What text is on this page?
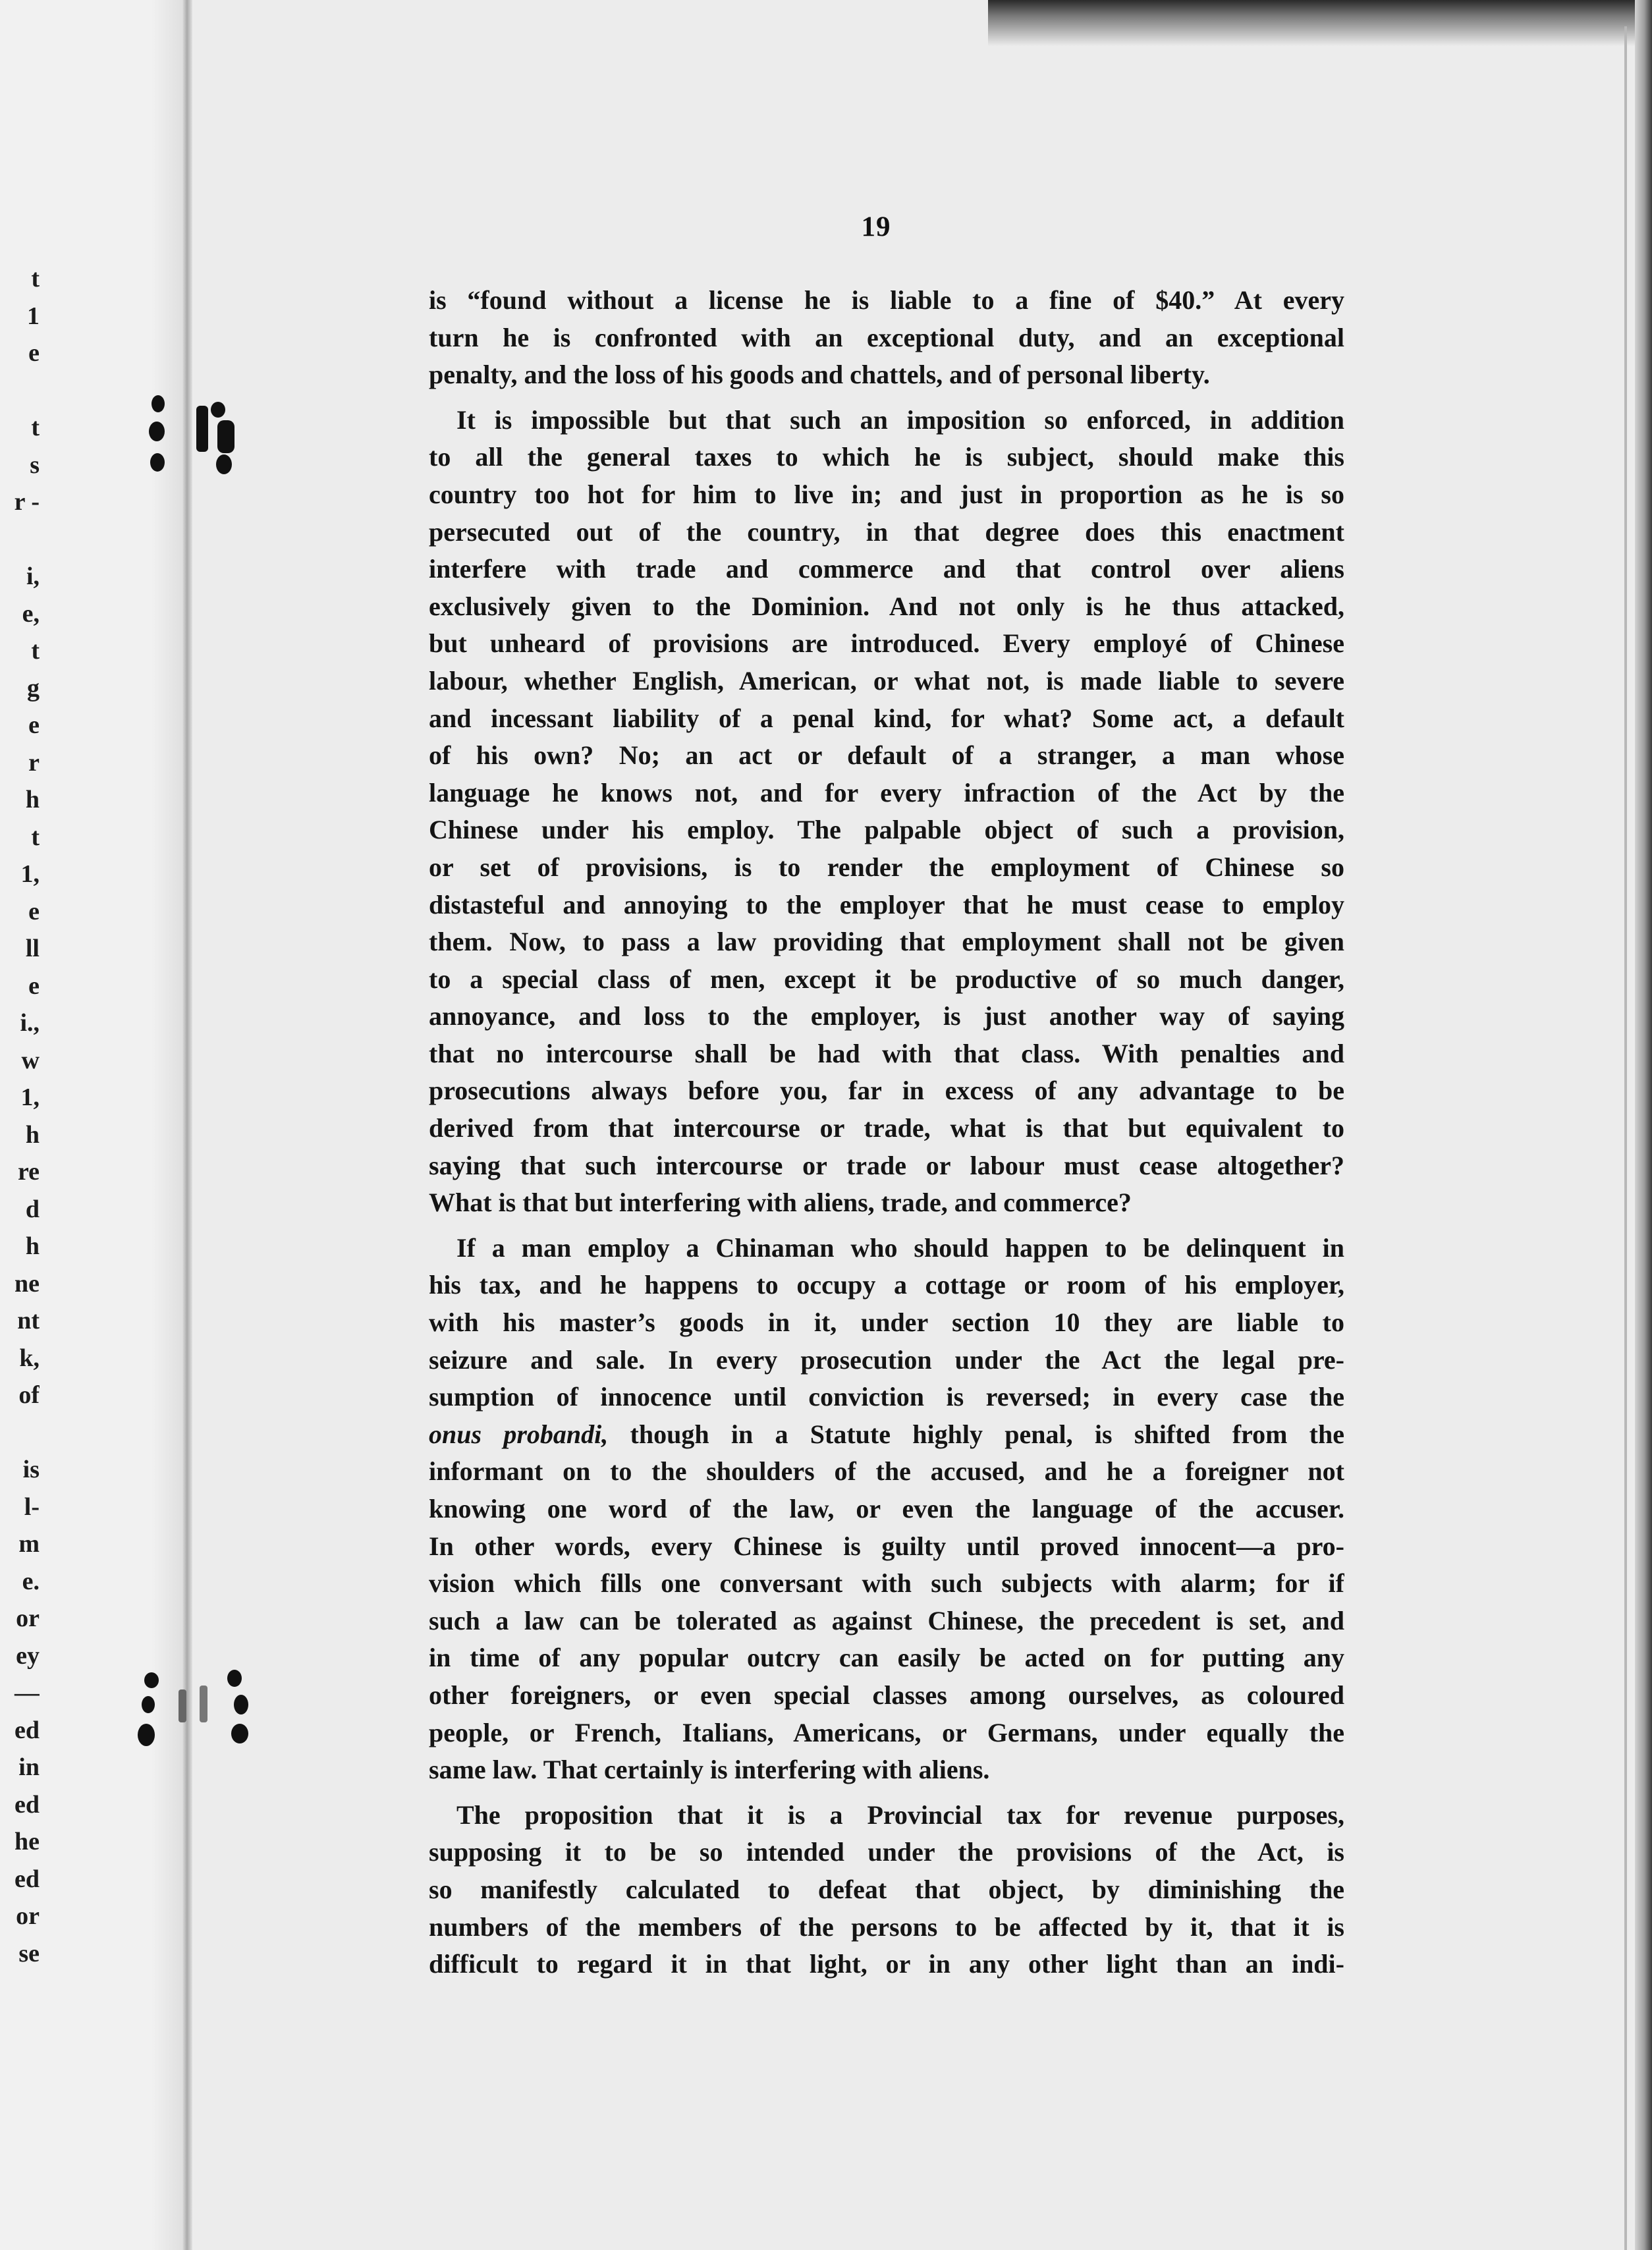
t
1
e
t
s
r -
i,
e,
t
g
e
r
h
t
1,
e
ll
e
i.,
w
1,
h
re
d
h
ne
nt
k,
of
is
l-
m
e.
or
ey
—
ed
in
ed
he
ed
or
se
19
is “found without a license he is liable to a fine of $40.” At every
turn he is confronted with an exceptional duty, and an exceptional
penalty, and the loss of his goods and chattels, and of personal liberty.
It is impossible but that such an imposition so enforced, in addition
to all the general taxes to which he is subject, should make this
country too hot for him to live in; and just in proportion as he is so
persecuted out of the country, in that degree does this enactment
interfere with trade and commerce and that control over aliens
exclusively given to the Dominion. And not only is he thus attacked,
but unheard of provisions are introduced. Every employé of Chinese
labour, whether English, American, or what not, is made liable to severe
and incessant liability of a penal kind, for what? Some act, a default
of his own? No; an act or default of a stranger, a man whose
language he knows not, and for every infraction of the Act by the
Chinese under his employ. The palpable object of such a provision,
or set of provisions, is to render the employment of Chinese so
distasteful and annoying to the employer that he must cease to employ
them. Now, to pass a law providing that employment shall not be given
to a special class of men, except it be productive of so much danger,
annoyance, and loss to the employer, is just another way of saying
that no intercourse shall be had with that class. With penalties and
prosecutions always before you, far in excess of any advantage to be
derived from that intercourse or trade, what is that but equivalent to
saying that such intercourse or trade or labour must cease altogether?
What is that but interfering with aliens, trade, and commerce?
If a man employ a Chinaman who should happen to be delinquent in
his tax, and he happens to occupy a cottage or room of his employer,
with his master’s goods in it, under section 10 they are liable to
seizure and sale. In every prosecution under the Act the legal pre-
sumption of innocence until conviction is reversed; in every case the
onus probandi, though in a Statute highly penal, is shifted from the
informant on to the shoulders of the accused, and he a foreigner not
knowing one word of the law, or even the language of the accuser.
In other words, every Chinese is guilty until proved innocent—a pro-
vision which fills one conversant with such subjects with alarm; for if
such a law can be tolerated as against Chinese, the precedent is set, and
in time of any popular outcry can easily be acted on for putting any
other foreigners, or even special classes among ourselves, as coloured
people, or French, Italians, Americans, or Germans, under equally the
same law. That certainly is interfering with aliens.
The proposition that it is a Provincial tax for revenue purposes,
supposing it to be so intended under the provisions of the Act, is
so manifestly calculated to defeat that object, by diminishing the
numbers of the members of the persons to be affected by it, that it is
difficult to regard it in that light, or in any other light than an indi-
